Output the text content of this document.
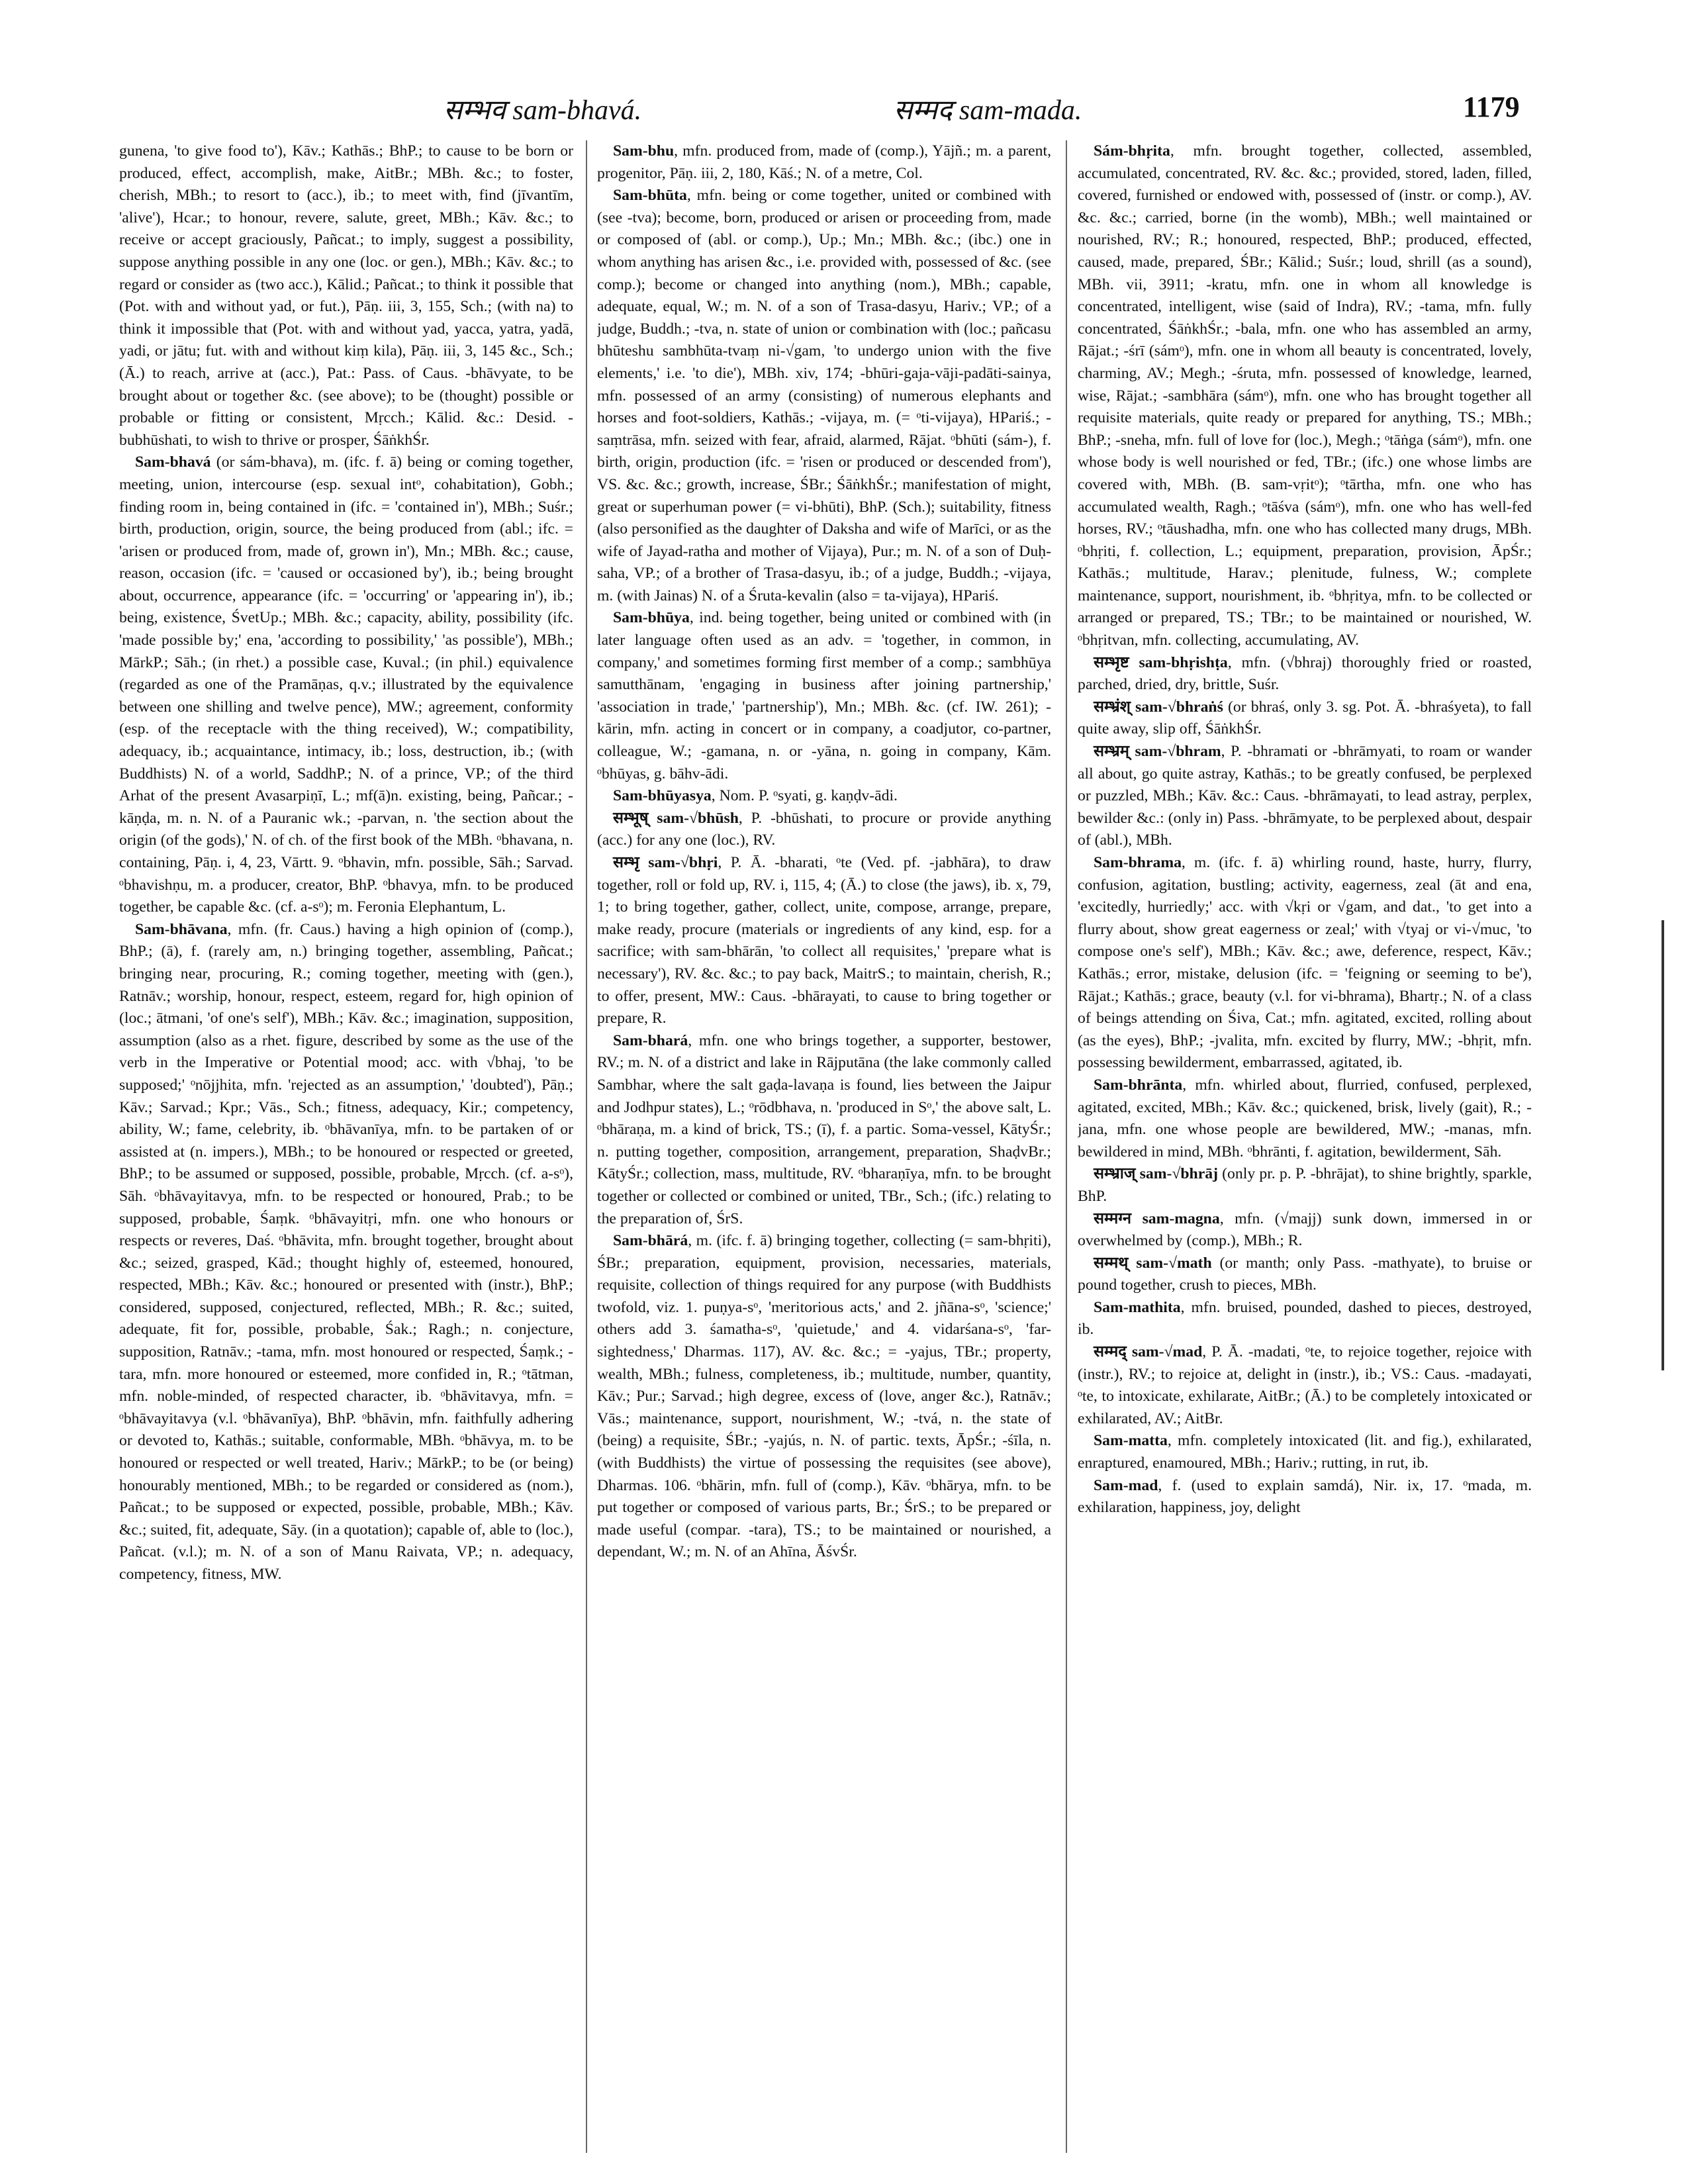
सम्भव sam-bhavá.	सम्मद sam-mada.	1179

gunena, 'to give food to'), Kāv.; Kathās.; BhP.; to cause to be born or produced, effect, accomplish, make, AitBr.; MBh. &c.; to foster, cherish, MBh.; to resort to (acc.), ib.; to meet with, find (jīvantīm, 'alive'), Hcar.; to honour, revere, salute, greet, MBh.; Kāv. &c.; to receive or accept graciously, Pañcat.; to imply, suggest a possibility, suppose anything possible in any one (loc. or gen.), MBh.; Kāv. &c.; to regard or consider as (two acc.), Kālid.; Pañcat.; to think it possible that (Pot. with and without yad, or fut.), Pāṇ. iii, 3, 155, Sch.; (with na) to think it impossible that (Pot. with and without yad, yacca, yatra, yadā, yadi, or jātu; fut. with and without kiṃ kila), Pāṇ. iii, 3, 145 &c., Sch.; (Ā.) to reach, arrive at (acc.), Pat.: Pass. of Caus. -bhāvyate, to be brought about or together &c. (see above); to be (thought) possible or probable or fitting or consistent, Mṛcch.; Kālid. &c.: Desid. -bubhūshati, to wish to thrive or prosper, ŚāṅkhŚr.

Sam-bhavá (or sám-bhava), m. (ifc. f. ā) being or coming together, meeting, union, intercourse (esp. sexual intᵒ, cohabitation), Gobh.; finding room in, being contained in (ifc. = 'contained in'), MBh.; Suśr.; birth, production, origin, source, the being produced from (abl.; ifc. = 'arisen or produced from, made of, grown in'), Mn.; MBh. &c.; cause, reason, occasion (ifc. = 'caused or occasioned by'), ib.; being brought about, occurrence, appearance (ifc. = 'occurring' or 'appearing in'), ib.; being, existence, ŚvetUp.; MBh. &c.; capacity, ability, possibility (ifc. 'made possible by;' ena, 'according to possibility,' 'as possible'), MBh.; MārkP.; Sāh.; (in rhet.) a possible case, Kuval.; (in phil.) equivalence (regarded as one of the Pramāṇas, q.v.; illustrated by the equivalence between one shilling and twelve pence), MW.; agreement, conformity (esp. of the receptacle with the thing received), W.; compatibility, adequacy, ib.; acquaintance, intimacy, ib.; loss, destruction, ib.; (with Buddhists) N. of a world, SaddhP.; N. of a prince, VP.; of the third Arhat of the present Avasarpiṇī, L.; mf(ā)n. existing, being, Pañcar.; -kāṇḍa, m. n. N. of a Pauranic wk.; -parvan, n. 'the section about the origin (of the gods),' N. of ch. of the first book of the MBh. ᵒbhavana, n. containing, Pāṇ. i, 4, 23, Vārtt. 9. ᵒbhavin, mfn. possible, Sāh.; Sarvad. ᵒbhavishṇu, m. a producer, creator, BhP. ᵒbhavya, mfn. to be produced together, be capable &c. (cf. a-sᵒ); m. Feronia Elephantum, L.

Sam-bhāvana, mfn. (fr. Caus.) having a high opinion of (comp.), BhP.; (ā), f. (rarely am, n.) bringing together, assembling, Pañcat.; bringing near, procuring, R.; coming together, meeting with (gen.), Ratnāv.; worship, honour, respect, esteem, regard for, high opinion of (loc.; ātmani, 'of one's self'), MBh.; Kāv. &c.; imagination, supposition, assumption (also as a rhet. figure, described by some as the use of the verb in the Imperative or Potential mood; acc. with √bhaj, 'to be supposed;' ᵒnōjjhita, mfn. 'rejected as an assumption,' 'doubted'), Pāṇ.; Kāv.; Sarvad.; Kpr.; Vās., Sch.; fitness, adequacy, Kir.; competency, ability, W.; fame, celebrity, ib. ᵒbhāvanīya, mfn. to be partaken of or assisted at (n. impers.), MBh.; to be honoured or respected or greeted, BhP.; to be assumed or supposed, possible, probable, Mṛcch. (cf. a-sᵒ), Sāh. ᵒbhāvayitavya, mfn. to be respected or honoured, Prab.; to be supposed, probable, Śaṃk. ᵒbhāvayitṛi, mfn. one who honours or respects or reveres, Daś. ᵒbhāvita, mfn. brought together, brought about &c.; seized, grasped, Kād.; thought highly of, esteemed, honoured, respected, MBh.; Kāv. &c.; honoured or presented with (instr.), BhP.; considered, supposed, conjectured, reflected, MBh.; R. &c.; suited, adequate, fit for, possible, probable, Śak.; Ragh.; n. conjecture, supposition, Ratnāv.; -tama, mfn. most honoured or respected, Śaṃk.; -tara, mfn. more honoured or esteemed, more confided in, R.; ᵒtātman, mfn. noble-minded, of respected character, ib. ᵒbhāvitavya, mfn. = ᵒbhāvayitavya (v.l. ᵒbhāvanīya), BhP. ᵒbhāvin, mfn. faithfully adhering or devoted to, Kathās.; suitable, conformable, MBh. ᵒbhāvya, m. to be honoured or respected or well treated, Hariv.; MārkP.; to be (or being) honourably mentioned, MBh.; to be regarded or considered as (nom.), Pañcat.; to be supposed or expected, possible, probable, MBh.; Kāv. &c.; suited, fit, adequate, Sāy. (in a quotation); capable of, able to (loc.), Pañcat. (v.l.); m. N. of a son of Manu Raivata, VP.; n. adequacy, competency, fitness, MW.

Sam-bhu, mfn. produced from, made of (comp.), Yājñ.; m. a parent, progenitor, Pāṇ. iii, 2, 180, Kāś.; N. of a metre, Col.

Sam-bhūta, mfn. being or come together, united or combined with (see -tva); become, born, produced or arisen or proceeding from, made or composed of (abl. or comp.), Up.; Mn.; MBh. &c.; (ibc.) one in whom anything has arisen &c., i.e. provided with, possessed of &c. (see comp.); become or changed into anything (nom.), MBh.; capable, adequate, equal, W.; m. N. of a son of Trasa-dasyu, Hariv.; VP.; of a judge, Buddh.; -tva, n. state of union or combination with (loc.; pañcasu bhūteshu sambhūta-tvaṃ ni-√gam, 'to undergo union with the five elements,' i.e. 'to die'), MBh. xiv, 174; -bhūri-gaja-vāji-padāti-sainya, mfn. possessed of an army (consisting) of numerous elephants and horses and foot-soldiers, Kathās.; -vijaya, m. (= ᵒti-vijaya), HPariś.; -saṃtrāsa, mfn. seized with fear, afraid, alarmed, Rājat. ᵒbhūti (sám-), f. birth, origin, production (ifc. = 'risen or produced or descended from'), VS. &c. &c.; growth, increase, ŚBr.; ŚāṅkhŚr.; manifestation of might, great or superhuman power (= vi-bhūti), BhP. (Sch.); suitability, fitness (also personified as the daughter of Daksha and wife of Marīci, or as the wife of Jayad-ratha and mother of Vijaya), Pur.; m. N. of a son of Duḥ-saha, VP.; of a brother of Trasa-dasyu, ib.; of a judge, Buddh.; -vijaya, m. (with Jainas) N. of a Śruta-kevalin (also = ta-vijaya), HPariś.

Sam-bhūya, ind. being together, being united or combined with (in later language often used as an adv. = 'together, in common, in company,' and sometimes forming first member of a comp.; sambhūya samutthānam, 'engaging in business after joining partnership,' 'association in trade,' 'partnership'), Mn.; MBh. &c. (cf. IW. 261); -kārin, mfn. acting in concert or in company, a coadjutor, co-partner, colleague, W.; -gamana, n. or -yāna, n. going in company, Kām. ᵒbhūyas, g. bāhv-ādi.

Sam-bhūyasya, Nom. P. ᵒsyati, g. kaṇḍv-ādi.

सम्भूष् sam-√bhūsh, P. -bhūshati, to procure or provide anything (acc.) for any one (loc.), RV.

सम्भृ sam-√bhṛi, P. Ā. -bharati, ᵒte (Ved. pf. -jabhāra), to draw together, roll or fold up, RV. i, 115, 4; (Ā.) to close (the jaws), ib. x, 79, 1; to bring together, gather, collect, unite, compose, arrange, prepare, make ready, procure (materials or ingredients of any kind, esp. for a sacrifice; with sam-bhārān, 'to collect all requisites,' 'prepare what is necessary'), RV. &c. &c.; to pay back, MaitrS.; to maintain, cherish, R.; to offer, present, MW.: Caus. -bhārayati, to cause to bring together or prepare, R.

Sam-bhará, mfn. one who brings together, a supporter, bestower, RV.; m. N. of a district and lake in Rājputāna (the lake commonly called Sambhar, where the salt gaḍa-lavaṇa is found, lies between the Jaipur and Jodhpur states), L.; ᵒrōdbhava, n. 'produced in Sᵒ,' the above salt, L. ᵒbhāraṇa, m. a kind of brick, TS.; (ī), f. a partic. Soma-vessel, KātyŚr.; n. putting together, composition, arrangement, preparation, ShaḍvBr.; KātyŚr.; collection, mass, multitude, RV. ᵒbharaṇīya, mfn. to be brought together or collected or combined or united, TBr., Sch.; (ifc.) relating to the preparation of, ŚrS.

Sam-bhārá, m. (ifc. f. ā) bringing together, collecting (= sam-bhṛiti), ŚBr.; preparation, equipment, provision, necessaries, materials, requisite, collection of things required for any purpose (with Buddhists twofold, viz. 1. puṇya-sᵒ, 'meritorious acts,' and 2. jñāna-sᵒ, 'science;' others add 3. śamatha-sᵒ, 'quietude,' and 4. vidarśana-sᵒ, 'far-sightedness,' Dharmas. 117), AV. &c. &c.; = -yajus, TBr.; property, wealth, MBh.; fulness, completeness, ib.; multitude, number, quantity, Kāv.; Pur.; Sarvad.; high degree, excess of (love, anger &c.), Ratnāv.; Vās.; maintenance, support, nourishment, W.; -tvá, n. the state of (being) a requisite, ŚBr.; -yajús, n. N. of partic. texts, ĀpŚr.; -śīla, n. (with Buddhists) the virtue of possessing the requisites (see above), Dharmas. 106. ᵒbhārin, mfn. full of (comp.), Kāv. ᵒbhārya, mfn. to be put together or composed of various parts, Br.; ŚrS.; to be prepared or made useful (compar. -tara), TS.; to be maintained or nourished, a dependant, W.; m. N. of an Ahīna, ĀśvŚr.

Sám-bhṛita, mfn. brought together, collected, assembled, accumulated, concentrated, RV. &c. &c.; provided, stored, laden, filled, covered, furnished or endowed with, possessed of (instr. or comp.), AV. &c. &c.; carried, borne (in the womb), MBh.; well maintained or nourished, RV.; R.; honoured, respected, BhP.; produced, effected, caused, made, prepared, ŚBr.; Kālid.; Suśr.; loud, shrill (as a sound), MBh. vii, 3911; -kratu, mfn. one in whom all knowledge is concentrated, intelligent, wise (said of Indra), RV.; -tama, mfn. fully concentrated, ŚāṅkhŚr.; -bala, mfn. one who has assembled an army, Rājat.; -śrī (sámᵒ), mfn. one in whom all beauty is concentrated, lovely, charming, AV.; Megh.; -śruta, mfn. possessed of knowledge, learned, wise, Rājat.; -sambhāra (sámᵒ), mfn. one who has brought together all requisite materials, quite ready or prepared for anything, TS.; MBh.; BhP.; -sneha, mfn. full of love for (loc.), Megh.; ᵒtāṅga (sámᵒ), mfn. one whose body is well nourished or fed, TBr.; (ifc.) one whose limbs are covered with, MBh. (B. sam-vṛitᵒ); ᵒtārtha, mfn. one who has accumulated wealth, Ragh.; ᵒtāśva (sámᵒ), mfn. one who has well-fed horses, RV.; ᵒtāushadha, mfn. one who has collected many drugs, MBh. ᵒbhṛiti, f. collection, L.; equipment, preparation, provision, ĀpŚr.; Kathās.; multitude, Harav.; plenitude, fulness, W.; complete maintenance, support, nourishment, ib. ᵒbhṛitya, mfn. to be collected or arranged or prepared, TS.; TBr.; to be maintained or nourished, W. ᵒbhṛitvan, mfn. collecting, accumulating, AV.

सम्भृष्ट sam-bhṛishṭa, mfn. (√bhraj) thoroughly fried or roasted, parched, dried, dry, brittle, Suśr.

सम्भ्रंश् sam-√bhraṅś (or bhraś, only 3. sg. Pot. Ā. -bhraśyeta), to fall quite away, slip off, ŚāṅkhŚr.

सम्भ्रम् sam-√bhram, P. -bhramati or -bhrāmyati, to roam or wander all about, go quite astray, Kathās.; to be greatly confused, be perplexed or puzzled, MBh.; Kāv. &c.: Caus. -bhrāmayati, to lead astray, perplex, bewilder &c.: (only in) Pass. -bhrāmyate, to be perplexed about, despair of (abl.), MBh.

Sam-bhrama, m. (ifc. f. ā) whirling round, haste, hurry, flurry, confusion, agitation, bustling; activity, eagerness, zeal (āt and ena, 'excitedly, hurriedly;' acc. with √kṛi or √gam, and dat., 'to get into a flurry about, show great eagerness or zeal;' with √tyaj or vi-√muc, 'to compose one's self'), MBh.; Kāv. &c.; awe, deference, respect, Kāv.; Kathās.; error, mistake, delusion (ifc. = 'feigning or seeming to be'), Rājat.; Kathās.; grace, beauty (v.l. for vi-bhrama), Bhartṛ.; N. of a class of beings attending on Śiva, Cat.; mfn. agitated, excited, rolling about (as the eyes), BhP.; -jvalita, mfn. excited by flurry, MW.; -bhṛit, mfn. possessing bewilderment, embarrassed, agitated, ib.

Sam-bhrānta, mfn. whirled about, flurried, confused, perplexed, agitated, excited, MBh.; Kāv. &c.; quickened, brisk, lively (gait), R.; -jana, mfn. one whose people are bewildered, MW.; -manas, mfn. bewildered in mind, MBh. ᵒbhrānti, f. agitation, bewilderment, Sāh.

सम्भ्राज् sam-√bhrāj (only pr. p. P. -bhrājat), to shine brightly, sparkle, BhP.

सम्मग्न sam-magna, mfn. (√majj) sunk down, immersed in or overwhelmed by (comp.), MBh.; R.

सम्मथ् sam-√math (or manth; only Pass. -mathyate), to bruise or pound together, crush to pieces, MBh.

Sam-mathita, mfn. bruised, pounded, dashed to pieces, destroyed, ib.

सम्मद् sam-√mad, P. Ā. -madati, ᵒte, to rejoice together, rejoice with (instr.), RV.; to rejoice at, delight in (instr.), ib.; VS.: Caus. -madayati, ᵒte, to intoxicate, exhilarate, AitBr.; (Ā.) to be completely intoxicated or exhilarated, AV.; AitBr.

Sam-matta, mfn. completely intoxicated (lit. and fig.), exhilarated, enraptured, enamoured, MBh.; Hariv.; rutting, in rut, ib.

Sam-mad, f. (used to explain samdá), Nir. ix, 17. ᵒmada, m. exhilaration, happiness, joy, delight
